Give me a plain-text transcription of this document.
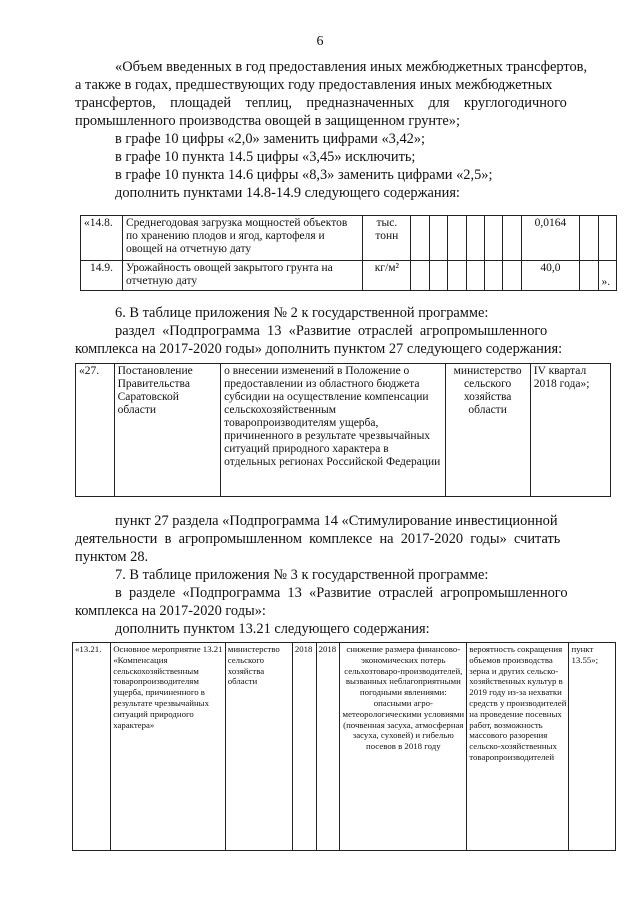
6

«Объем введенных в год предоставления иных межбюджетных трансфертов,

а также в годах, предшествующих году предоставления иных межбюджетных

трансфертов,    площадей    теплиц,    предназначенных    для    круглогодичного

промышленного производства овощей в защищенном грунте»;

в графе 10 цифры «2,0» заменить цифрами «3,42»;

в графе 10 пункта 14.5 цифры «3,45» исключить;

в графе 10 пункта 14.6 цифры «8,3» заменить цифрами «2,5»;

дополнить пунктами 14.8-14.9 следующего содержания:

«14.8.	Среднегодовая загрузка мощностей объектов по хранению плодов и ягод, картофеля и овощей на отчетную дату	тыс. тонн							0,0164		
14.9.	Урожайность овощей закрытого грунта на отчетную дату	кг/м²							40,0		».

6. В таблице приложения № 2 к государственной программе:

раздел  «Подпрограмма  13  «Развитие  отраслей  агропромышленного

комплекса на 2017-2020 годы» дополнить пунктом 27 следующего содержания:

«27.	Постановление Правительства Саратовской области	о внесении изменений в Положение о предоставлении из областного бюджета субсидии на осуществление компенсации сельскохозяйственным товаропроизводителям ущерба, причиненного в результате чрезвычайных ситуаций природного характера в отдельных регионах Российской Федерации	министерство сельского хозяйства области	IV квартал 2018 года»;

пункт 27 раздела «Подпрограмма 14 «Стимулирование инвестиционной

деятельности  в  агропромышленном  комплексе  на  2017-2020  годы»  считать

пунктом 28.

7. В таблице приложения № 3 к государственной программе:

в  разделе  «Подпрограмма  13  «Развитие  отраслей  агропромышленного

комплекса на 2017-2020 годы»:

дополнить пунктом 13.21 следующего содержания:

«13.21.	Основное мероприятие 13.21 «Компенсация сельскохозяйственным товаропроизводителям ущерба, причиненного в результате чрезвычайных ситуаций природного характера»	министерство сельского хозяйства области	2018	2018	снижение размера финансово-экономических потерь сельхозтоваро-производителей, вызванных неблагоприятными погодными явлениями: опасными агро-метеорологическими условиями (почвенная засуха, атмосферная засуха, суховей) и гибелью посевов в 2018 году	вероятность сокращения объемов производства зерна и других сельско-хозяйственных культур в 2019 году из-за нехватки средств у производителей на проведение посевных работ, возможность массового разорения сельско-хозяйственных товаропроизводителей	пункт 13.55»;
